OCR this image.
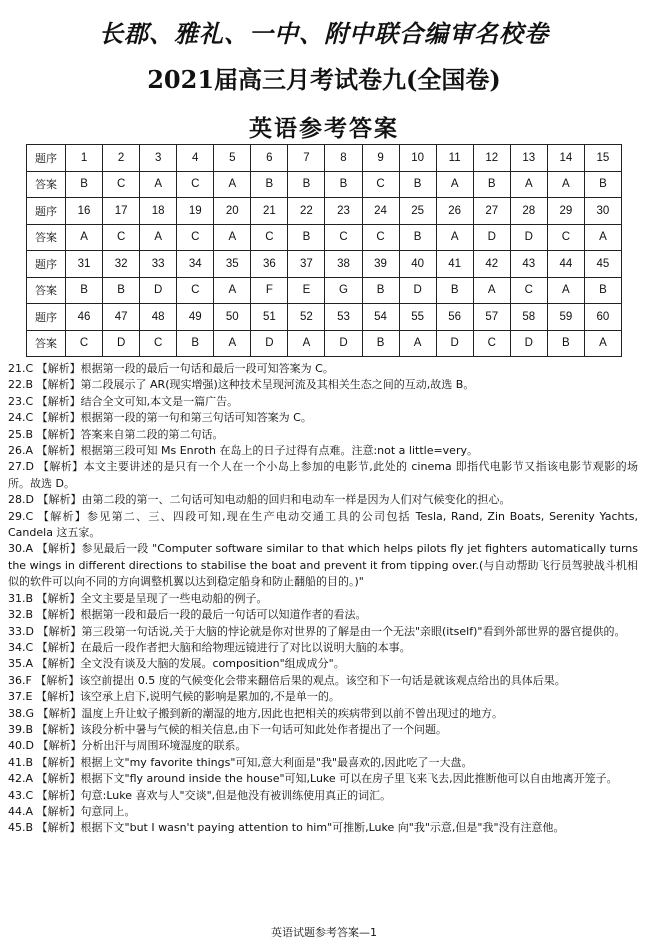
长郡、雅礼、一中、附中联合编审名校卷
2021届高三月考试卷九(全国卷)
英语参考答案
题序	1	2	3	4	5	6	7	8	9	10	11	12	13	14	15
答案	B	C	A	C	A	B	B	B	C	B	A	B	A	A	B
题序	16	17	18	19	20	21	22	23	24	25	26	27	28	29	30
答案	A	C	A	C	A	C	B	C	C	B	A	D	D	C	A
题序	31	32	33	34	35	36	37	38	39	40	41	42	43	44	45
答案	B	B	D	C	A	F	E	G	B	D	B	A	C	A	B
题序	46	47	48	49	50	51	52	53	54	55	56	57	58	59	60
答案	C	D	C	B	A	D	A	D	B	A	D	C	D	B	A

21.C 【解析】根据第一段的最后一句话和最后一段可知答案为 C。

22.B 【解析】第二段展示了 AR(现实增强)这种技术呈现河流及其相关生态之间的互动,故选 B。

23.C 【解析】结合全文可知,本文是一篇广告。

24.C 【解析】根据第一段的第一句和第三句话可知答案为 C。

25.B 【解析】答案来自第二段的第二句话。

26.A 【解析】根据第三段可知 Ms Enroth 在岛上的日子过得有点难。注意:not a little=very。

27.D 【解析】本文主要讲述的是只有一个人在一个小岛上参加的电影节,此处的 cinema 即指代电影节又指该电影节观影的场所。故选 D。

28.D 【解析】由第二段的第一、二句话可知电动船的回归和电动车一样是因为人们对气候变化的担心。

29.C 【解析】参见第二、三、四段可知,现在生产电动交通工具的公司包括 Tesla, Rand, Zin Boats, Serenity Yachts, Candela 这五家。

30.A 【解析】参见最后一段 "Computer software similar to that which helps pilots fly jet fighters automatically turns the wings in different directions to stabilise the boat and prevent it from tipping over.(与自动帮助飞行员驾驶战斗机相似的软件可以向不同的方向调整机翼以达到稳定船身和防止翻船的目的。)"

31.B 【解析】全文主要是呈现了一些电动船的例子。

32.B 【解析】根据第一段和最后一段的最后一句话可以知道作者的看法。

33.D 【解析】第三段第一句话说,关于大脑的悖论就是你对世界的了解是由一个无法"亲眼(itself)"看到外部世界的器官提供的。

34.C 【解析】在最后一段作者把大脑和给物理远镜进行了对比以说明大脑的本事。

35.A 【解析】全文没有谈及大脑的发展。composition"组成成分"。

36.F 【解析】该空前提出 0.5 度的气候变化会带来翻倍后果的观点。该空和下一句话是就该观点给出的具体后果。

37.E 【解析】该空承上启下,说明气候的影响是累加的,不是单一的。

38.G 【解析】温度上升让蚊子搬到新的潮湿的地方,因此也把相关的疾病带到以前不曾出现过的地方。

39.B 【解析】该段分析中暑与气候的相关信息,由下一句话可知此处作者提出了一个问题。

40.D 【解析】分析出汗与周围环境湿度的联系。

41.B 【解析】根据上文"my favorite things"可知,意大利面是"我"最喜欢的,因此吃了一大盘。

42.A 【解析】根据下文"fly around inside the house"可知,Luke 可以在房子里飞来飞去,因此推断他可以自由地离开笼子。

43.C 【解析】句意:Luke 喜欢与人"交谈",但是他没有被训练使用真正的词汇。

44.A 【解析】句意同上。

45.B 【解析】根据下文"but I wasn't paying attention to him"可推断,Luke 向"我"示意,但是"我"没有注意他。

英语试题参考答案—1
